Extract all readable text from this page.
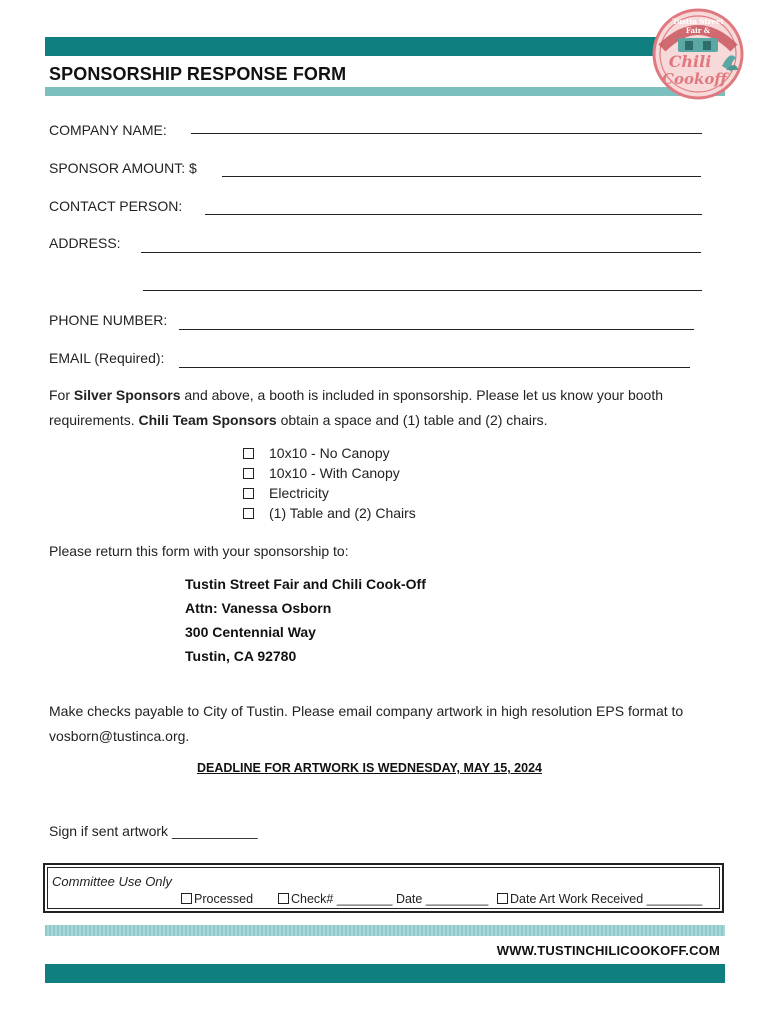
SPONSORSHIP RESPONSE FORM
Tustin Street Fair &
Chili
Cookoff
COMPANY NAME:
SPONSOR AMOUNT: $
CONTACT PERSON:
ADDRESS:
PHONE NUMBER:
EMAIL (Required):
For Silver Sponsors and above, a booth is included in sponsorship. Please let us know your booth requirements. Chili Team Sponsors obtain a space and (1) table and (2) chairs.
10x10 - No Canopy
10x10 - With Canopy
Electricity
(1) Table and (2) Chairs
Please return this form with your sponsorship to:
Tustin Street Fair and Chili Cook-Off
Attn: Vanessa Osborn
300 Centennial Way
Tustin, CA 92780
Make checks payable to City of Tustin. Please email company artwork in high resolution EPS format to vosborn@tustinca.org.
DEADLINE FOR ARTWORK IS WEDNESDAY, MAY 15, 2024
Sign if sent artwork ___________
Committee Use Only
Processed	Check# ________ Date _________	Date Art Work Received ________
WWW.TUSTINCHILICOOKOFF.COM
